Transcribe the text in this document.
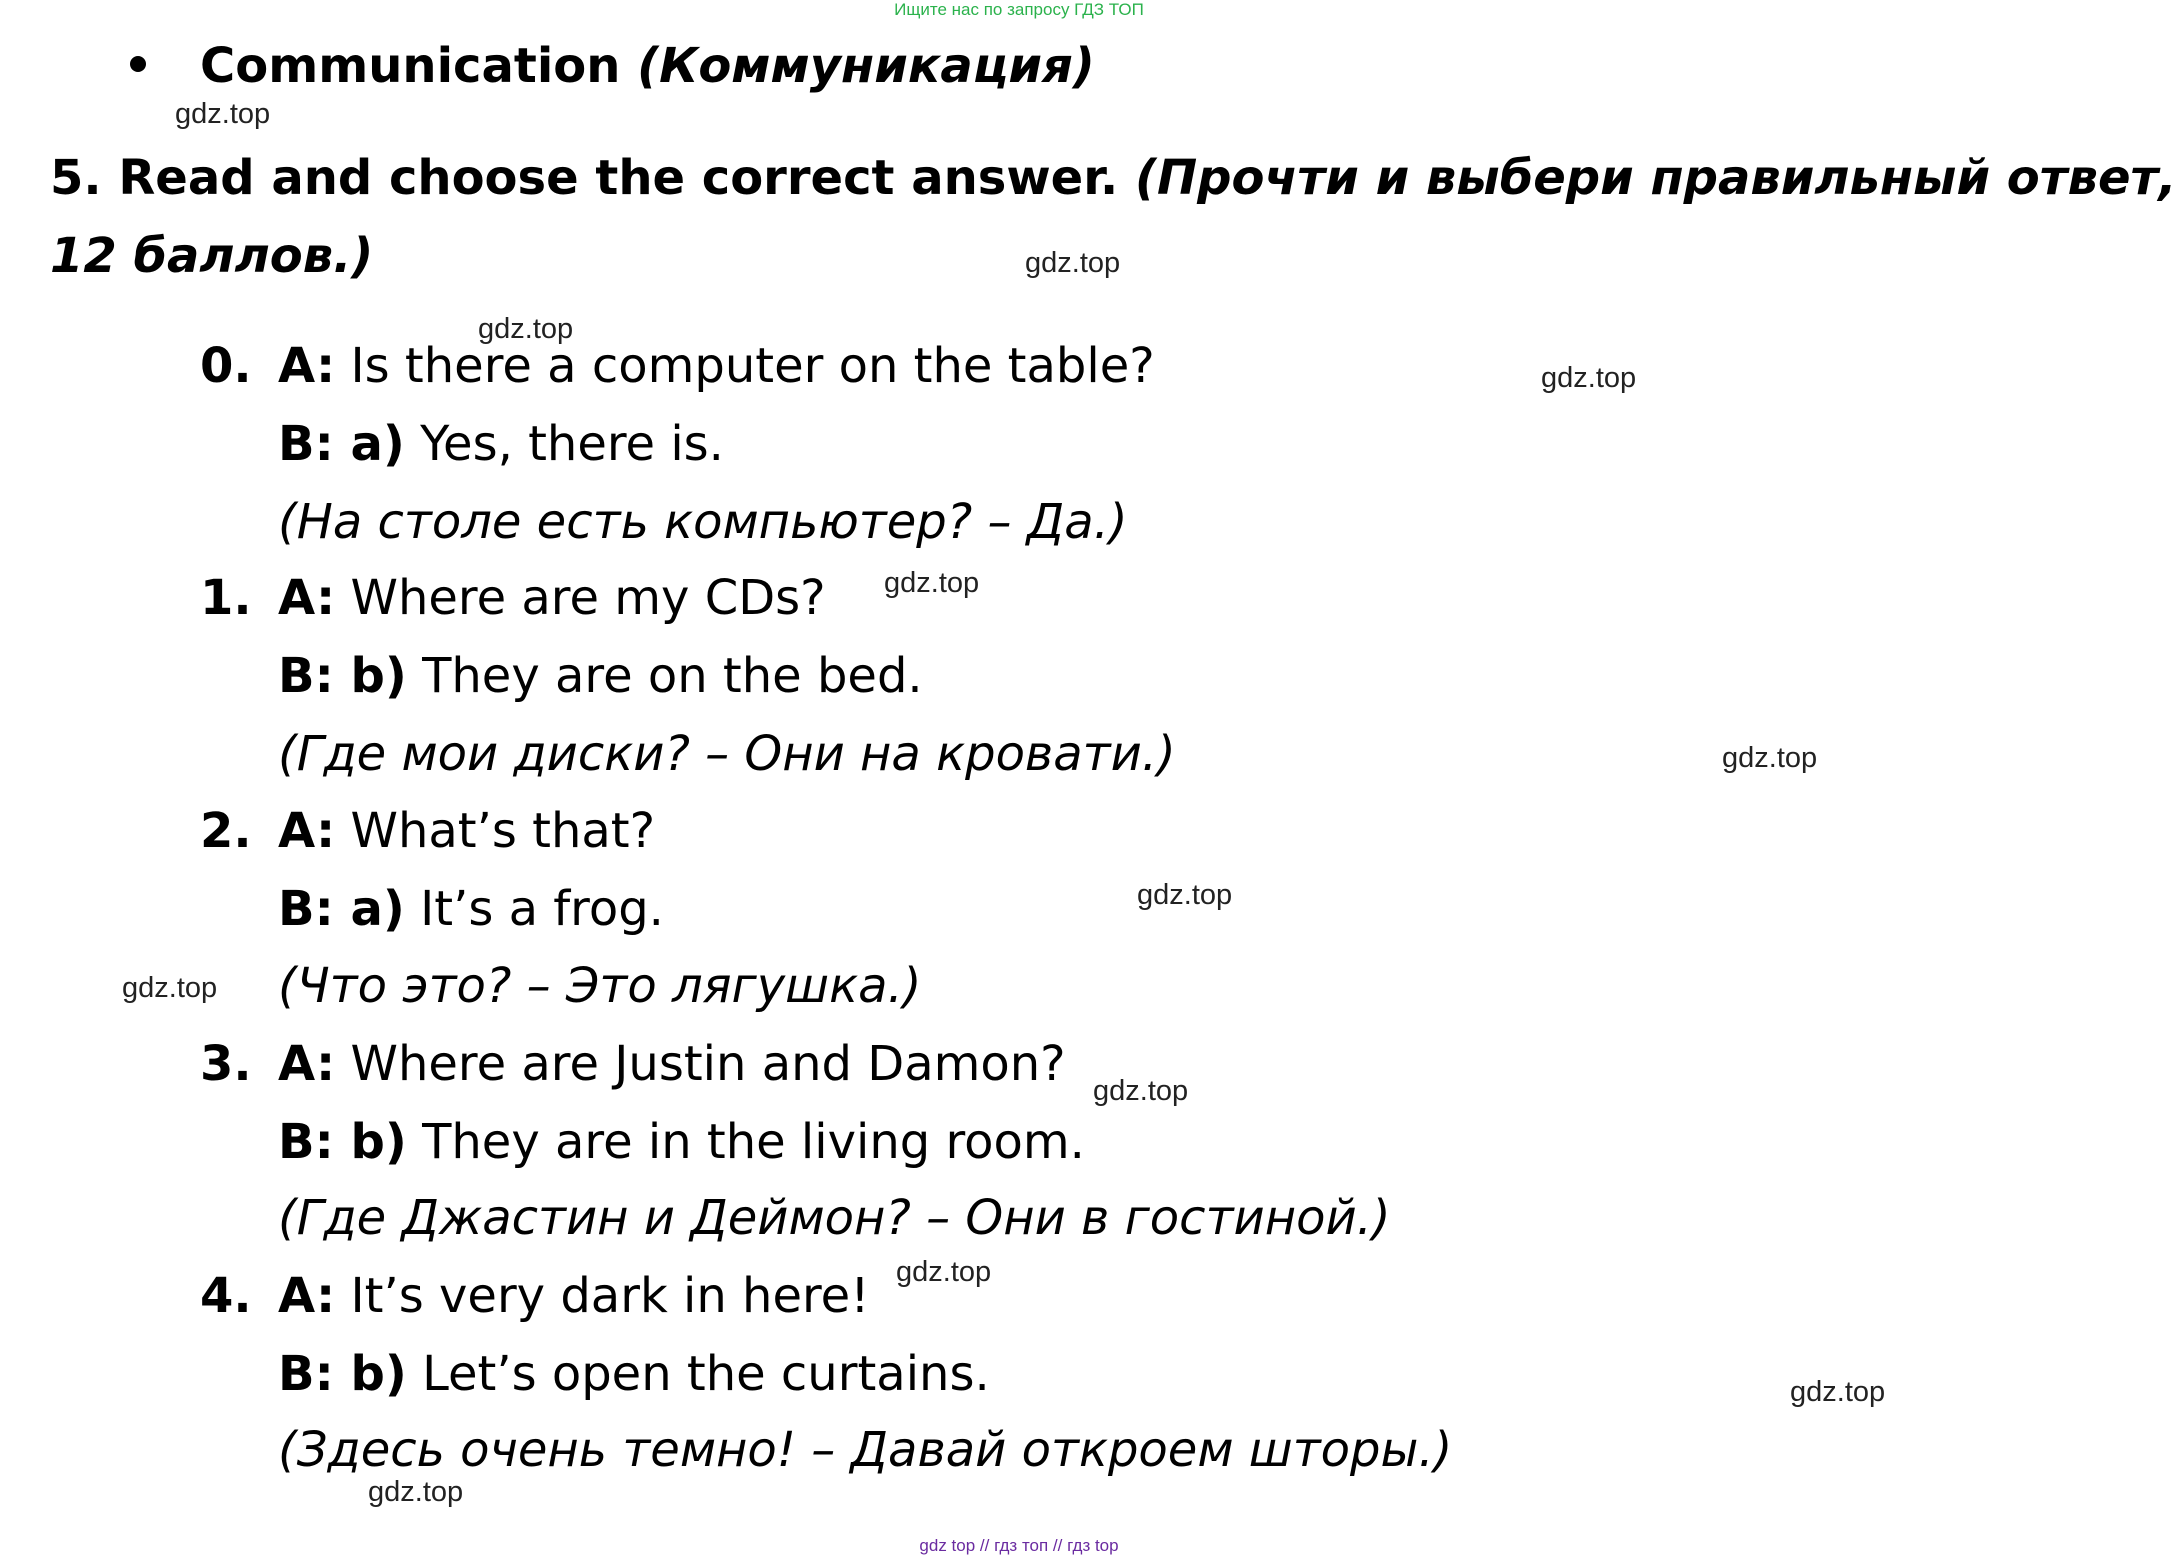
Ищите нас по запросу ГДЗ ТОП
Communication (Коммуникация)
5. Read and choose the correct answer. (Прочти и выбери правильный ответ,
12 баллов.)
0. A: Is there a computer on the table?
B: a) Yes, there is.
(На столе есть компьютер? – Да.)
1. A: Where are my CDs?
B: b) They are on the bed.
(Где мои диски? – Они на кровати.)
2. A: What’s that?
B: a) It’s a frog.
(Что это? – Это лягушка.)
3. A: Where are Justin and Damon?
B: b) They are in the living room.
(Где Джастин и Деймон? – Они в гостиной.)
4. A: It’s very dark in here!
B: b) Let’s open the curtains.
(Здесь очень темно! – Давай откроем шторы.)
gdz.top
gdz.top
gdz.top
gdz.top
gdz.top
gdz.top
gdz.top
gdz.top
gdz.top
gdz.top
gdz.top
gdz.top
gdz top // гдз топ // гдз top
